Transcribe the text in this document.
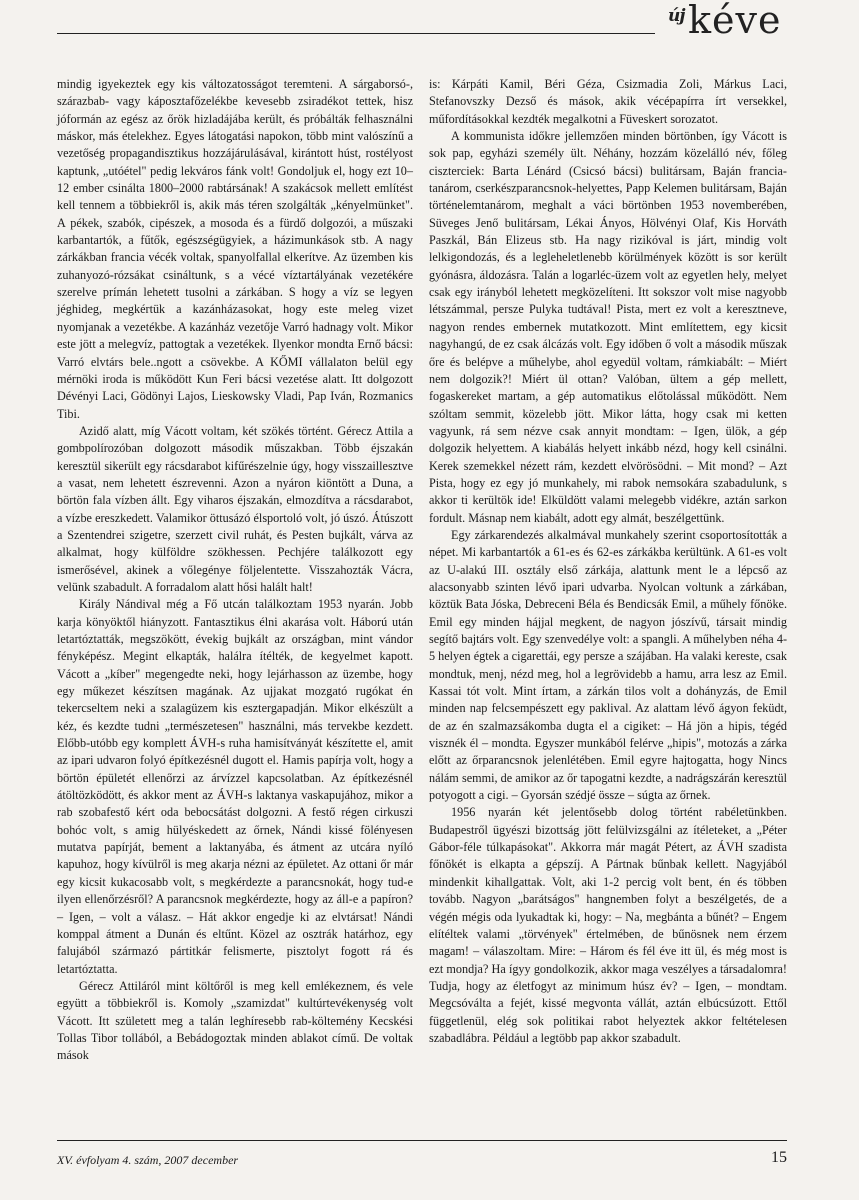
új kéve

mindig igyekeztek egy kis változatosságot teremteni. A sárgaborsó-, szárazbab- vagy káposztafőzelékbe kevesebb zsiradékot tettek, hisz jóformán az egész az őrök hizladájába került, és próbálták felhasználni máskor, más ételekhez. Egyes látogatási napokon, több mint valószínű a vezetőség propagandisztikus hozzájárulásával, kirántott húst, rostélyost kaptunk, „utóétel" pedig lekváros fánk volt! Gondoljuk el, hogy ezt 10–12 ember csinálta 1800–2000 rabtársának! A szakácsok mellett említést kell tennem a többiekről is, akik más téren szolgálták „kényelmünket". A pékek, szabók, cipészek, a mosoda és a fürdő dolgozói, a műszaki karbantartók, a fűtők, egészségügyiek, a házimunkások stb. A nagy zárkákban francia vécék voltak, spanyolfallal elkerítve. Az üzemben kis zuhanyozó-rózsákat csináltunk, s a vécé víztartályának vezetékére szerelve prímán lehetett tusolni a zárkában. S hogy a víz se legyen jéghideg, megkértük a kazánházasokat, hogy este meleg vizet nyomjanak a vezetékbe. A kazánház vezetője Varró hadnagy volt. Mikor este jött a melegvíz, pattogtak a vezetékek. Ilyenkor mondta Ernő bácsi: Varró elvtárs bele..ngott a csövekbe. A KŐMI vállalaton belül egy mérnöki iroda is működött Kun Feri bácsi vezetése alatt. Itt dolgozott Dévényi Laci, Gödönyi Lajos, Lieskowsky Vladi, Pap Iván, Rozmanics Tibi.

Azidő alatt, míg Vácott voltam, két szökés történt. Gérecz Attila a gombpolírozóban dolgozott második műszakban. Több éjszakán keresztül sikerült egy rácsdarabot kifűrészelnie úgy, hogy visszaillesztve a vasat, nem lehetett észrevenni. Azon a nyáron kiöntött a Duna, a börtön fala vízben állt. Egy viharos éjszakán, elmozdítva a rácsdarabot, a vízbe ereszkedett. Valamikor öttusázó élsportoló volt, jó úszó. Átúszott a Szentendrei szigetre, szerzett civil ruhát, és Pesten bujkált, várva az alkalmat, hogy külföldre szökhessen. Pechjére találkozott egy ismerősével, akinek a vőlegénye följelentette. Visszahozták Vácra, velünk szabadult. A forradalom alatt hősi halált halt!

Király Nándival még a Fő utcán találkoztam 1953 nyarán. Jobb karja könyöktől hiányzott. Fantasztikus élni akarása volt. Háború után letartóztatták, megszökött, évekig bujkált az országban, mint vándor fényképész. Megint elkapták, halálra ítélték, de kegyelmet kapott. Vácott a „kíber" megengedte neki, hogy lejárhasson az üzembe, hogy egy műkezet készítsen magának. Az ujjakat mozgató rugókat én tekercseltem neki a szalagüzem kis esztergapadján. Mikor elkészült a kéz, és kezdte tudni „természetesen" használni, más tervekbe kezdett. Előbb-utóbb egy komplett ÁVH-s ruha hamisítványát készítette el, amit az ipari udvaron folyó építkezésnél dugott el. Hamis papírja volt, hogy a börtön épületét ellenőrzi az árvízzel kapcsolatban. Az építkezésnél átöltözködött, és akkor ment az ÁVH-s laktanya vaskapujához, mikor a rab szobafestő kért oda bebocsátást dolgozni. A festő régen cirkuszi bohóc volt, s amig hülyéskedett az őrnek, Nándi kissé fölényesen mutatva papírját, bement a laktanyába, és átment az utcára nyíló kapuhoz, hogy kívülről is meg akarja nézni az épületet. Az ottani őr már egy kicsit kukacosabb volt, s megkérdezte a parancsnokát, hogy tud-e ilyen ellenőrzésről? A parancsnok megkérdezte, hogy az áll-e a papíron? – Igen, – volt a válasz. – Hát akkor engedje ki az elvtársat! Nándi komppal átment a Dunán és eltűnt. Közel az osztrák határhoz, egy falujából származó pártitkár felismerte, pisztolyt fogott rá és letartóztatta.

Gérecz Attiláról mint költőről is meg kell emlékeznem, és vele együtt a többiekről is. Komoly „szamizdat" kultúrtevékenység volt Vácott. Itt született meg a talán leghíresebb rab-költemény Kecskési Tollas Tibor tollából, a Bebádogoztak minden ablakot című. De voltak mások

is: Kárpáti Kamil, Béri Géza, Csizmadia Zoli, Márkus Laci, Stefanovszky Dezső és mások, akik vécépapírra írt versekkel, műfordításokkal kezdték megalkotni a Füveskert sorozatot.

A kommunista időkre jellemzően minden börtönben, így Vácott is sok pap, egyházi személy ült. Néhány, hozzám közelálló név, főleg ciszterciek: Barta Lénárd (Csicsó bácsi) bulitársam, Baján francia-tanárom, cserkészparancsnok-helyettes, Papp Kelemen bulitársam, Baján történelemtanárom, meghalt a váci börtönben 1953 novemberében, Süveges Jenő bulitársam, Lékai Ányos, Hölvényi Olaf, Kis Horváth Paszkál, Bán Elizeus stb. Ha nagy rizikóval is járt, mindig volt lelkigondozás, és a legleheletlenebb körülmények között is sor került gyónásra, áldozásra. Talán a logarléc-üzem volt az egyetlen hely, melyet csak egy irányból lehetett megközelíteni. Itt sokszor volt mise nagyobb létszámmal, persze Pulyka tudtával! Pista, mert ez volt a keresztneve, nagyon rendes embernek mutatkozott. Mint említettem, egy kicsit nagyhangú, de ez csak álcázás volt. Egy időben ő volt a második műszak őre és belépve a műhelybe, ahol egyedül voltam, rámkiabált: – Miért nem dolgozik?! Miért ül ottan? Valóban, ültem a gép mellett, fogaskereket martam, a gép automatikus előtolással működött. Nem szóltam semmit, közelebb jött. Mikor látta, hogy csak mi ketten vagyunk, rá sem nézve csak annyit mondtam: – Igen, ülök, a gép dolgozik helyettem. A kiabálás helyett inkább nézd, hogy kell csinálni. Kerek szemekkel nézett rám, kezdett elvörösödni. – Mit mond? – Azt Pista, hogy ez egy jó munkahely, mi rabok nemsokára szabadulunk, s akkor ti kerültök ide! Elküldött valami melegebb vidékre, aztán sarkon fordult. Másnap nem kiabált, adott egy almát, beszélgettünk.

Egy zárkarendezés alkalmával munkahely szerint csoportosították a népet. Mi karbantartók a 61-es és 62-es zárkákba kerültünk. A 61-es volt az U-alakú III. osztály első zárkája, alattunk ment le a lépcső az alacsonyabb szinten lévő ipari udvarba. Nyolcan voltunk a zárkában, köztük Bata Jóska, Debreceni Béla és Bendicsák Emil, a műhely főnöke. Emil egy minden hájjal megkent, de nagyon jószívű, társait mindig segítő bajtárs volt. Egy szenvedélye volt: a spangli. A műhelyben néha 4-5 helyen égtek a cigarettái, egy persze a szájában. Ha valaki kereste, csak mondtuk, menj, nézd meg, hol a legrövidebb a hamu, arra lesz az Emil. Kassai tót volt. Mint írtam, a zárkán tilos volt a dohányzás, de Emil minden nap felcsempészett egy paklival. Az alattam lévő ágyon feküdt, de az én szalmazsákomba dugta el a cigiket: – Há jön a hipis, tégéd visznék él – mondta. Egyszer munkából felérve „hipis", motozás a zárka előtt az őrparancsnok jelenlétében. Emil egyre hajtogatta, hogy Nincs nálám semmi, de amikor az őr tapogatni kezdte, a nadrágszárán keresztül potyogott a cigi. – Gyorsán szédjé össze – súgta az őrnek.

1956 nyarán két jelentősebb dolog történt rabéletünkben. Budapestről ügyészi bizottság jött felülvizsgálni az ítéleteket, a „Péter Gábor-féle túlkapásokat". Akkorra már magát Pétert, az ÁVH szadista főnökét is elkapta a gépszíj. A Pártnak bűnbak kellett. Nagyjából mindenkit kihallgattak. Volt, aki 1-2 percig volt bent, én és többen tovább. Nagyon „barátságos" hangnemben folyt a beszélgetés, de a végén mégis oda lyukadtak ki, hogy: – Na, megbánta a bűnét? – Engem elítéltek valami „törvények" értelmében, de bűnösnek nem érzem magam! – válaszoltam. Mire: – Három és fél éve itt ül, és még most is ezt mondja? Ha ígyy gondolkozik, akkor maga veszélyes a társadalomra! Tudja, hogy az életfogyt az minimum húsz év? – Igen, – mondtam. Megcsóválta a fejét, kissé megvonta vállát, aztán elbúcsúzott. Ettől függetlenül, elég sok politikai rabot helyeztek akkor feltételesen szabadlábra. Például a legtöbb pap akkor szabadult.

XV. évfolyam 4. szám, 2007 december	15
